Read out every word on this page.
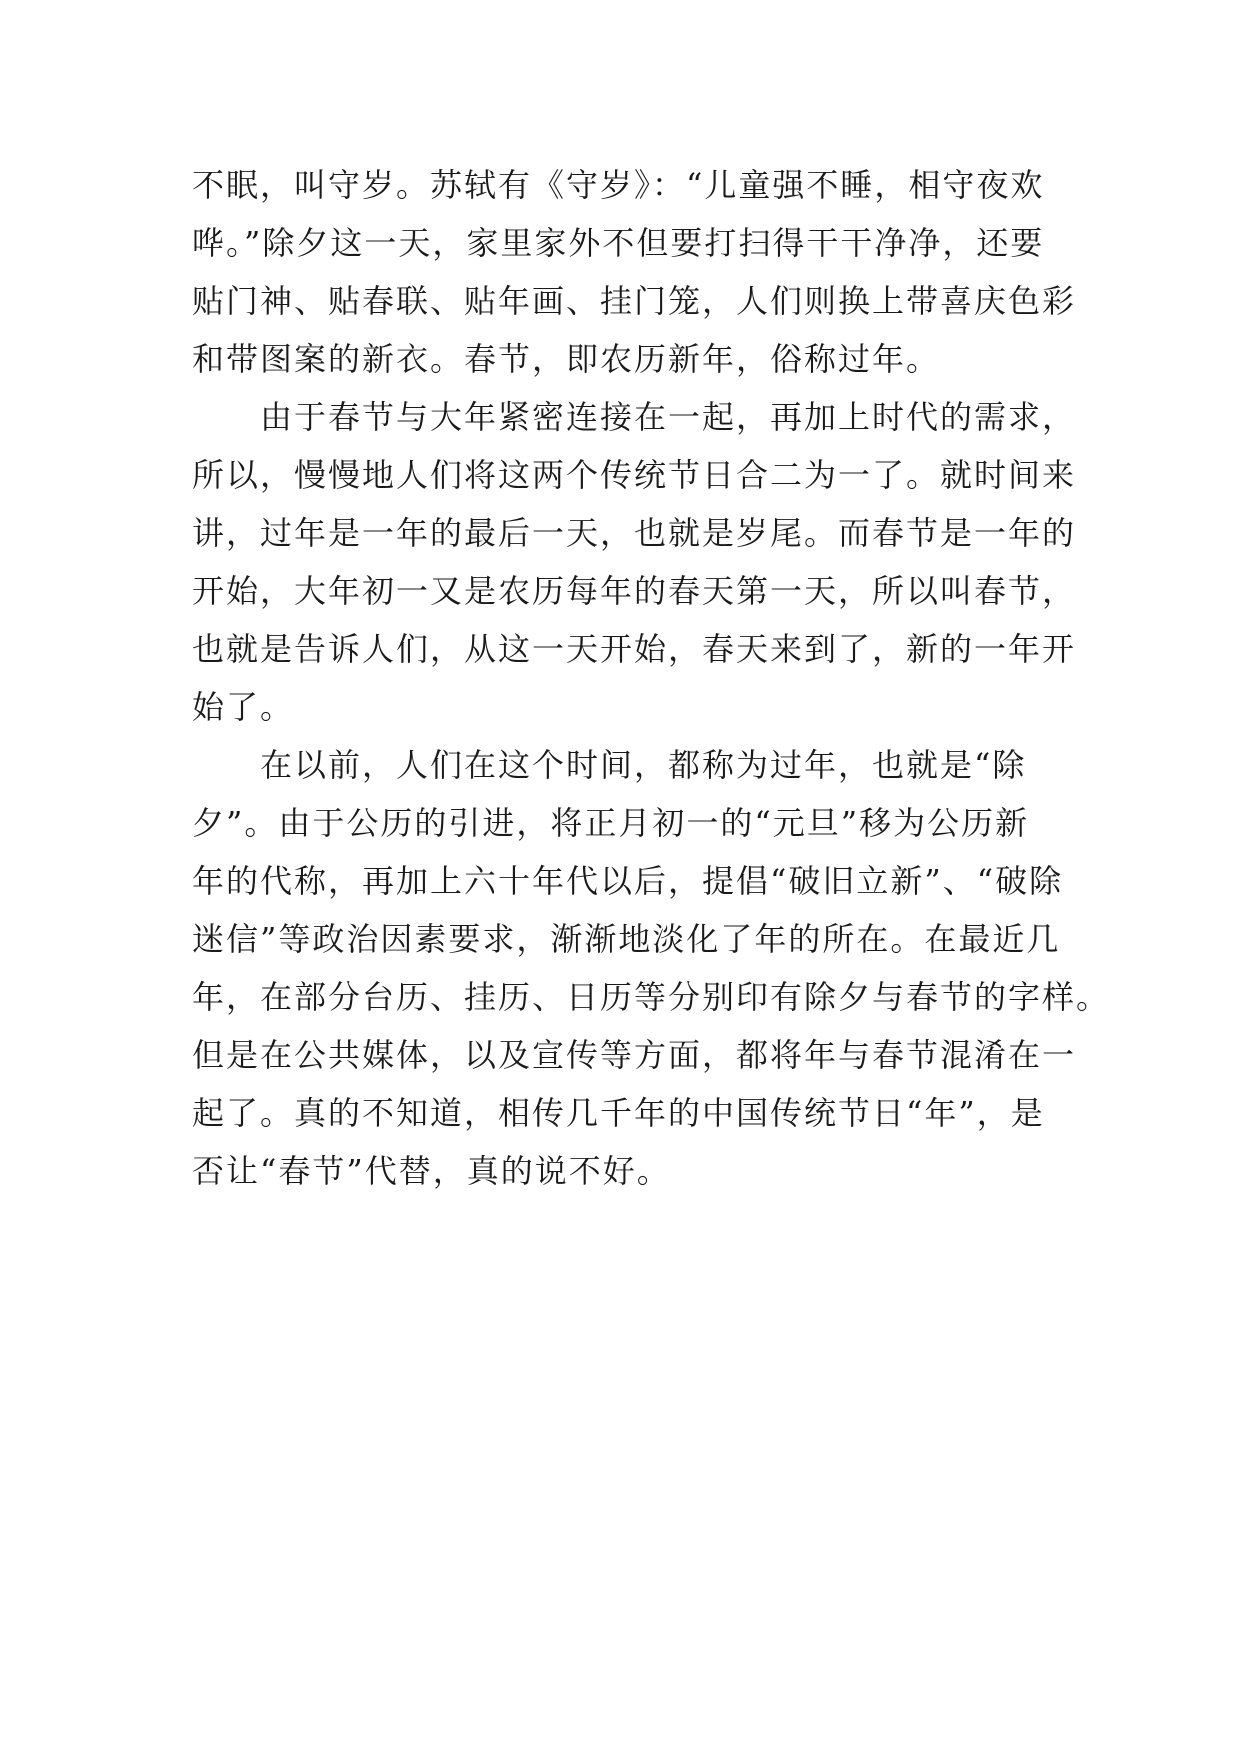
不眠，叫守岁。苏轼有《守岁》：“儿童强不睡，相守夜欢
哗。”除夕这一天，家里家外不但要打扫得干干净净，还要
贴门神、贴春联、贴年画、挂门笼，人们则换上带喜庆色彩
和带图案的新衣。春节，即农历新年，俗称过年。

由于春节与大年紧密连接在一起，再加上时代的需求，
所以，慢慢地人们将这两个传统节日合二为一了。就时间来
讲，过年是一年的最后一天，也就是岁尾。而春节是一年的
开始，大年初一又是农历每年的春天第一天，所以叫春节，
也就是告诉人们，从这一天开始，春天来到了，新的一年开
始了。

在以前，人们在这个时间，都称为过年，也就是“除
夕”。由于公历的引进，将正月初一的“元旦”移为公历新
年的代称，再加上六十年代以后，提倡“破旧立新”、“破除
迷信”等政治因素要求，渐渐地淡化了年的所在。在最近几
年，在部分台历、挂历、日历等分别印有除夕与春节的字样。
但是在公共媒体，以及宣传等方面，都将年与春节混淆在一
起了。真的不知道，相传几千年的中国传统节日“年”，是
否让“春节”代替，真的说不好。
